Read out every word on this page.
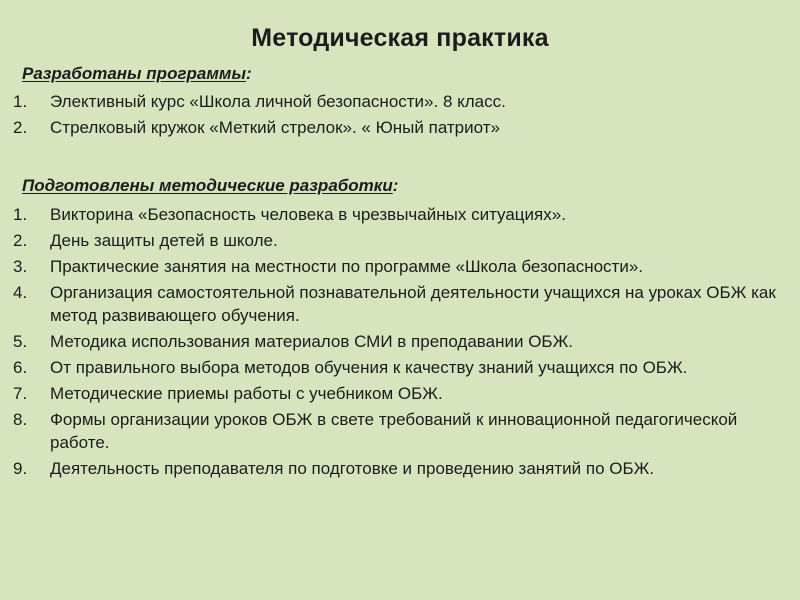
Методическая практика
Разработаны программы:
1. Элективный курс «Школа личной безопасности». 8 класс.
2. Стрелковый кружок «Меткий стрелок». « Юный патриот»
Подготовлены методические разработки:
1. Викторина «Безопасность человека в чрезвычайных ситуациях».
2. День защиты детей в школе.
3. Практические занятия на местности по программе «Школа безопасности».
4. Организация самостоятельной познавательной деятельности учащихся на уроках ОБЖ как метод развивающего обучения.
5. Методика использования материалов СМИ в преподавании ОБЖ.
6. От правильного выбора методов обучения к качеству знаний учащихся по ОБЖ.
7. Методические приемы работы с учебником ОБЖ.
8. Формы организации уроков ОБЖ в свете требований к инновационной педагогической работе.
9. Деятельность преподавателя по подготовке и проведению занятий по ОБЖ.
